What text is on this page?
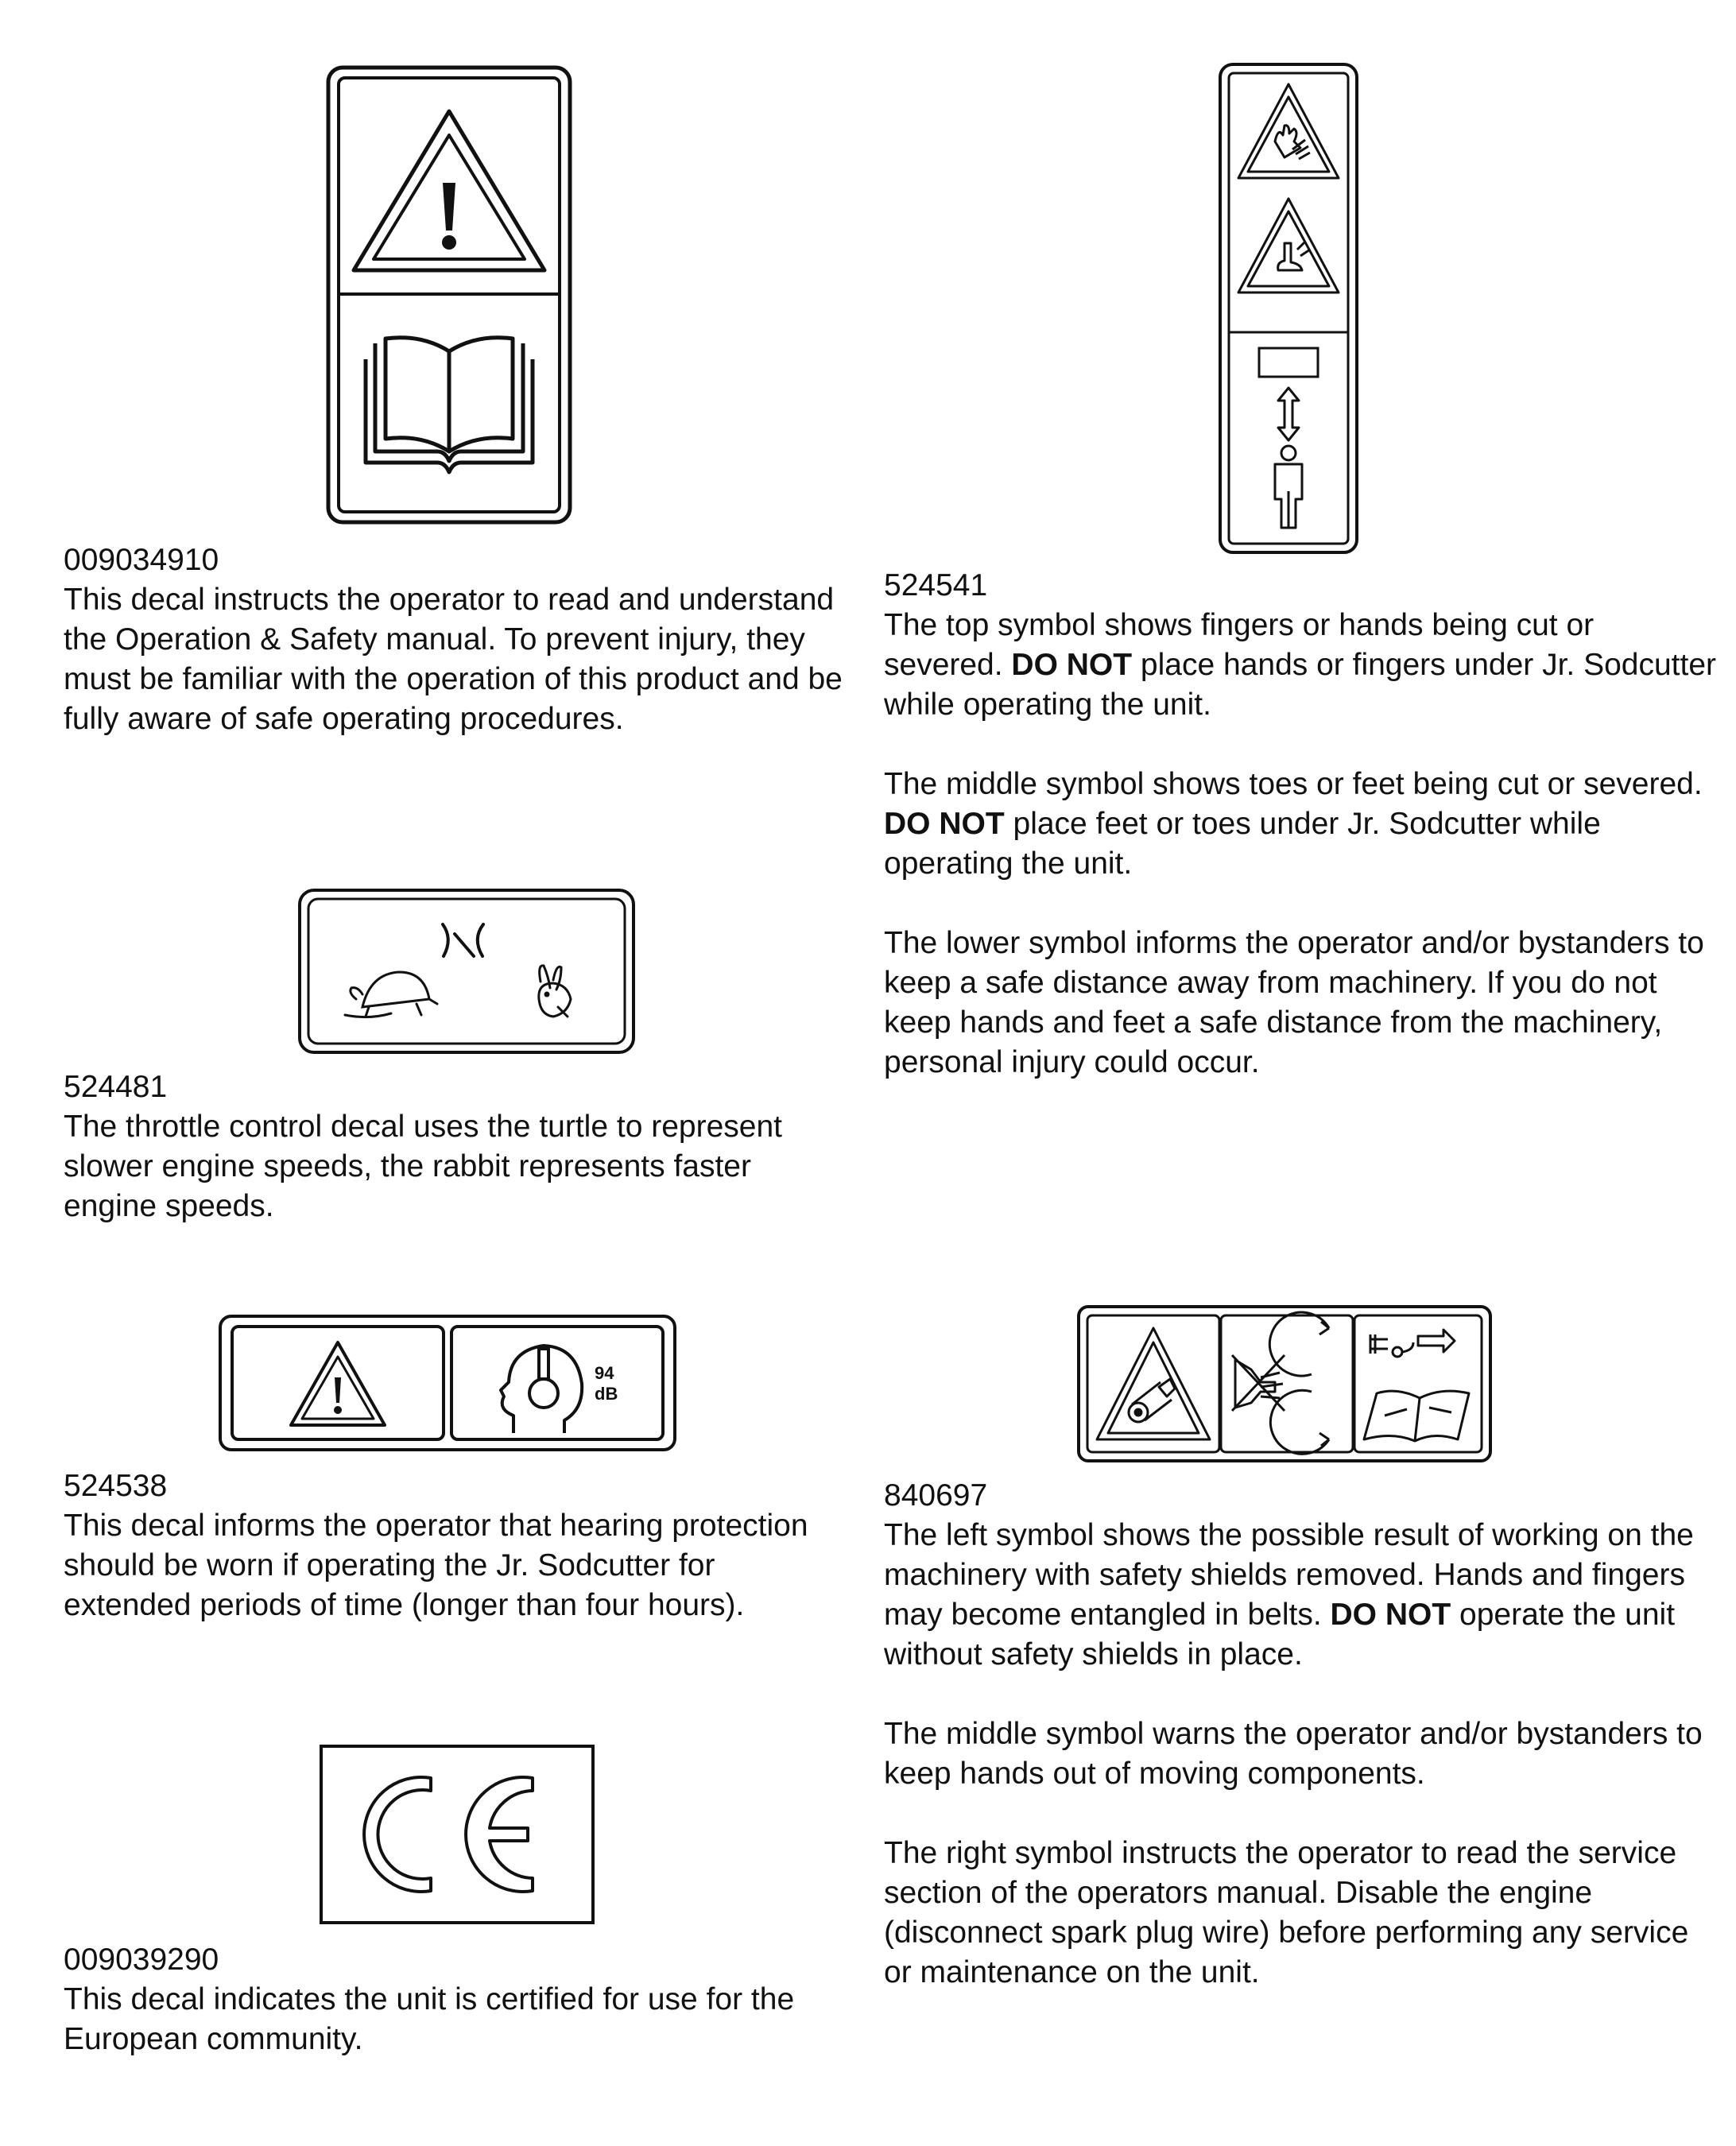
009034910
This decal instructs the operator to read and understand the Operation & Safety manual. To prevent injury, they must be familiar with the operation of this product and be fully aware of safe operating procedures.
524481
The throttle control decal uses the turtle to represent slower engine speeds, the rabbit represents faster engine speeds.
94
dB
524538
This decal informs the operator that hearing protection should be worn if operating the Jr. Sodcutter for extended periods of time (longer than four hours).
009039290
This decal indicates the unit is certified for use for the European community.
524541

The top symbol shows fingers or hands being cut or severed. DO NOT place hands or fingers under Jr. Sodcutter while operating the unit.

The middle symbol shows toes or feet being cut or severed. DO NOT place feet or toes under Jr. Sodcutter while operating the unit.

The lower symbol informs the operator and/or bystanders to keep a safe distance away from machinery. If you do not keep hands and feet a safe distance from the machinery, personal injury could occur.

840697

The left symbol shows the possible result of working on the machinery with safety shields removed. Hands and fingers may become entangled in belts. DO NOT operate the unit without safety shields in place.

The middle symbol warns the operator and/or bystanders to keep hands out of moving components.

The right symbol instructs the operator to read the service section of the operators manual. Disable the engine (disconnect spark plug wire) before performing any service or maintenance on the unit.
